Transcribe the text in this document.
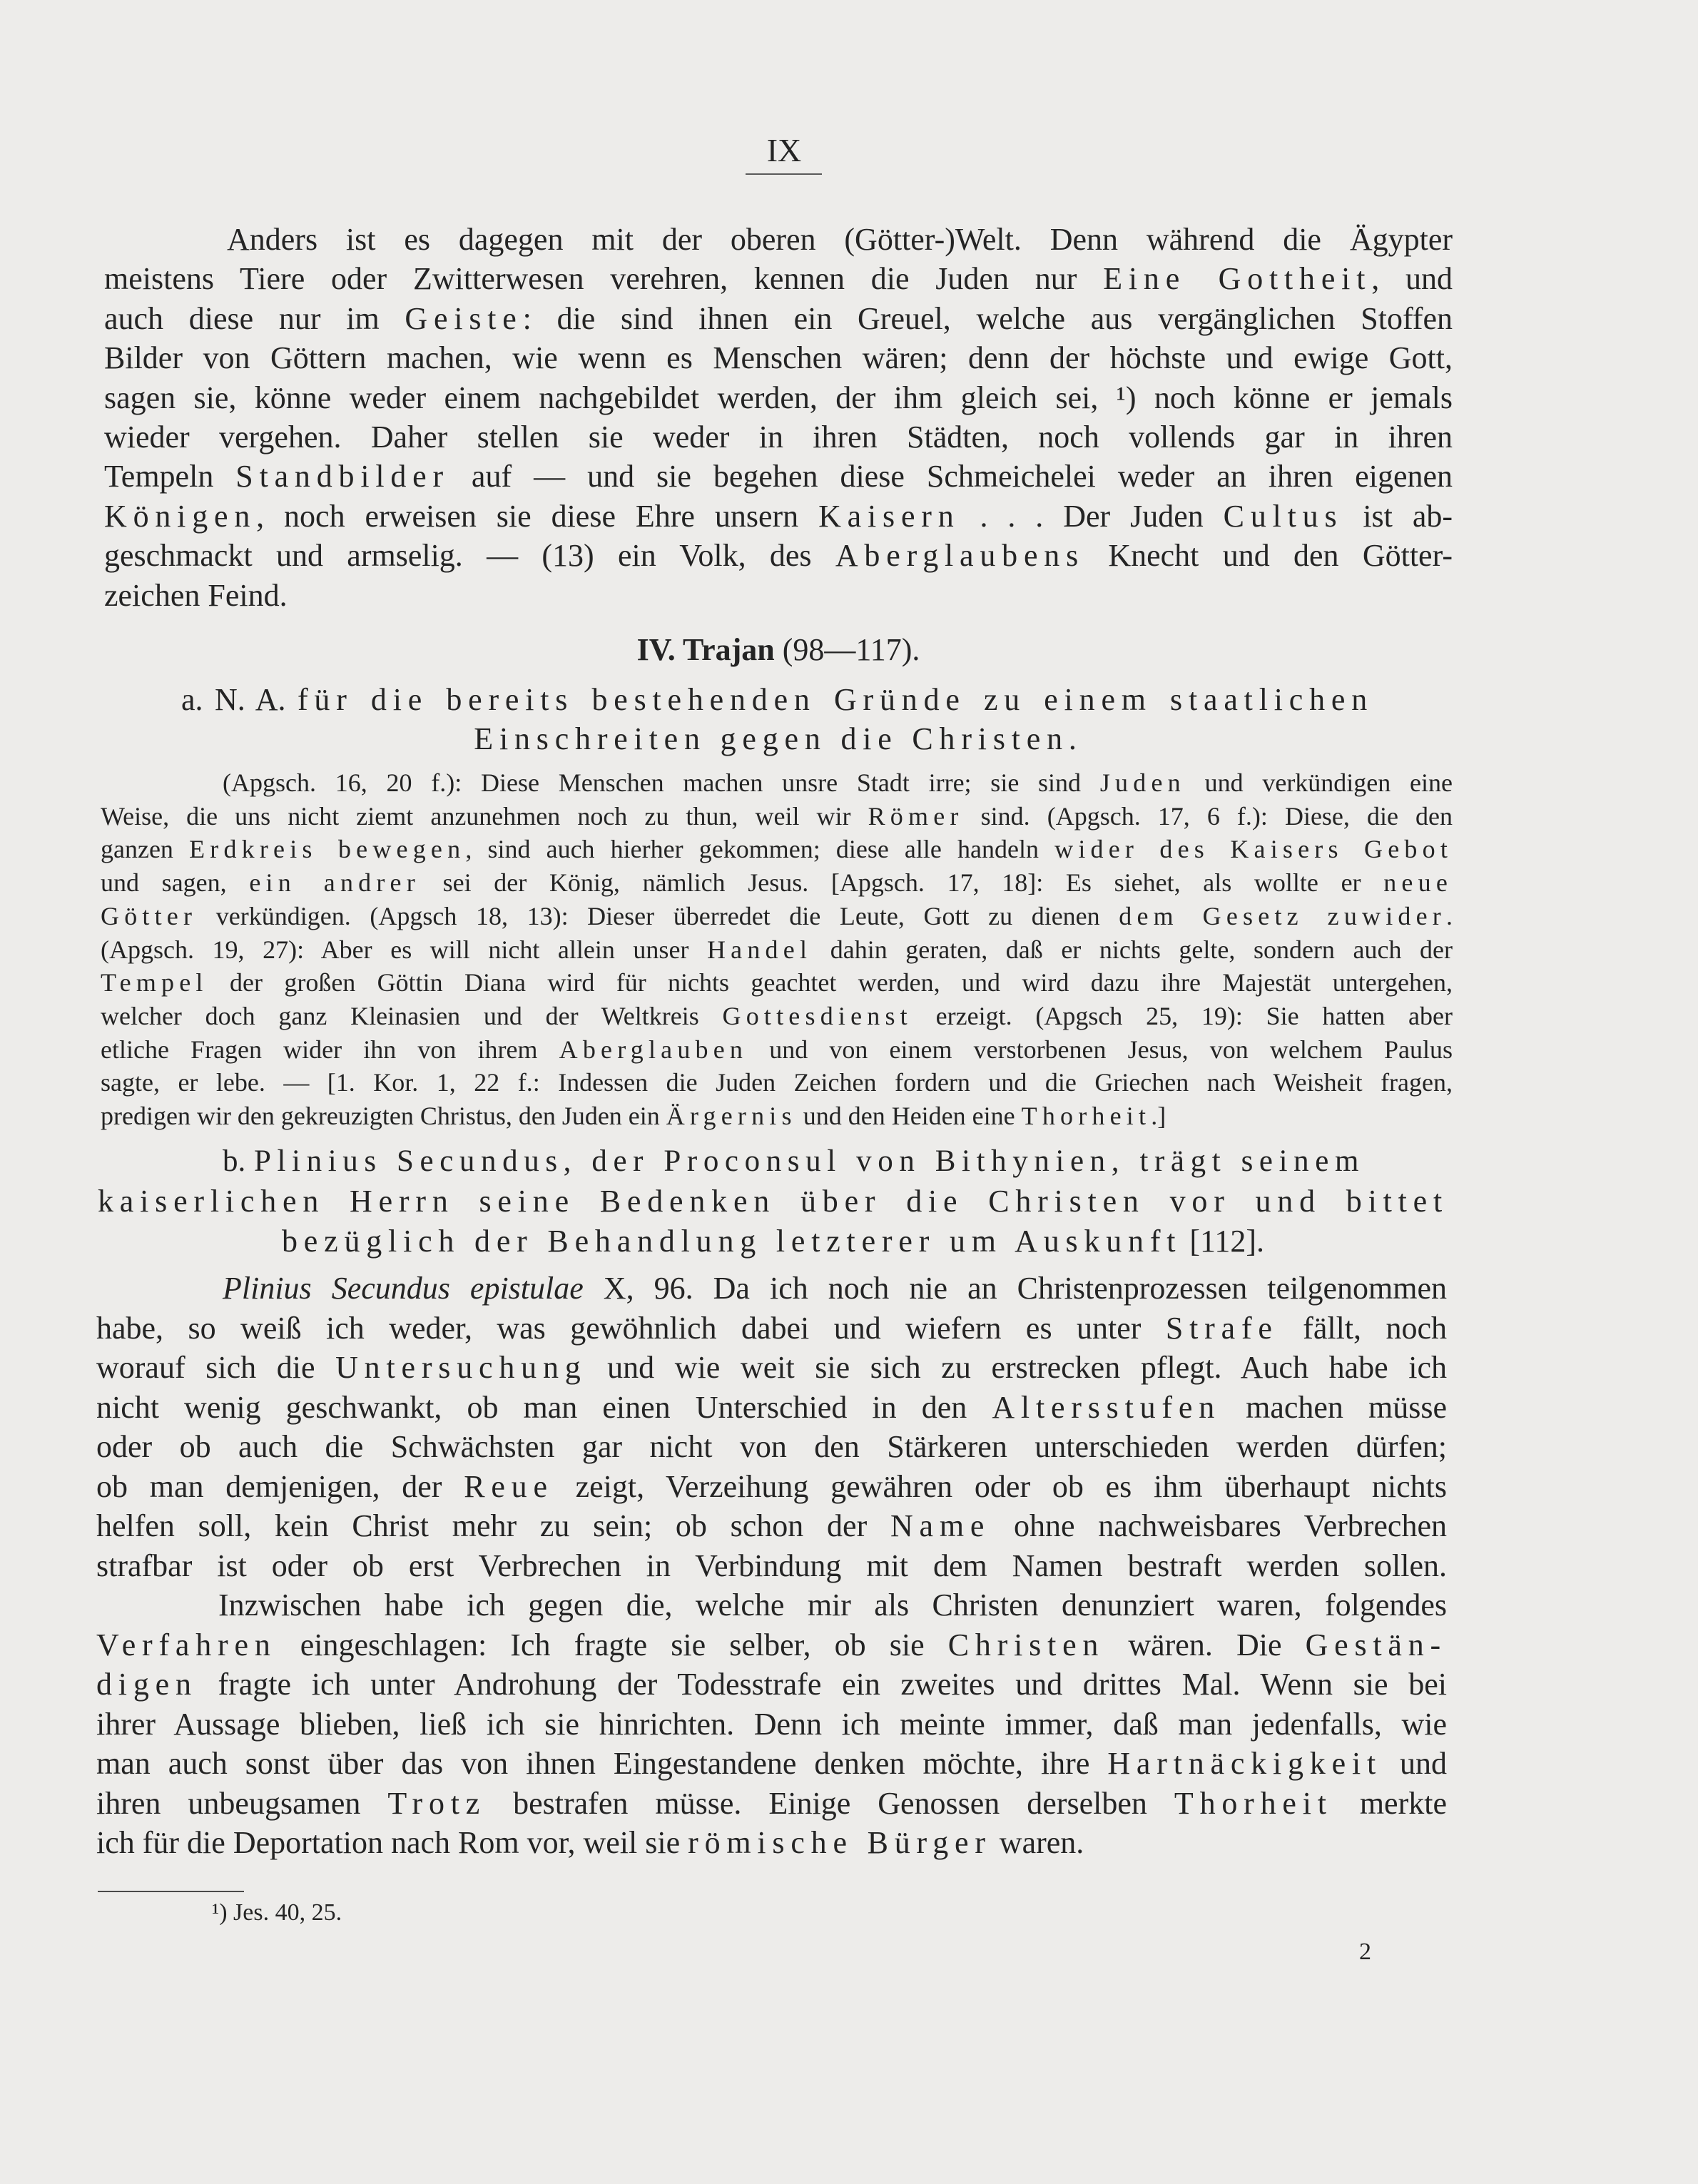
IX
Anders ist es dagegen mit der oberen (Götter-)Welt. Denn während die Ägypter
meistens Tiere oder Zwitterwesen verehren, kennen die Juden nur Eine Gottheit, und
auch diese nur im Geiste: die sind ihnen ein Greuel, welche aus vergänglichen Stoffen
Bilder von Göttern machen, wie wenn es Menschen wären; denn der höchste und ewige Gott,
sagen sie, könne weder einem nachgebildet werden, der ihm gleich sei, ¹) noch könne er jemals
wieder vergehen. Daher stellen sie weder in ihren Städten, noch vollends gar in ihren
Tempeln Standbilder auf — und sie begehen diese Schmeichelei weder an ihren eigenen
Königen, noch erweisen sie diese Ehre unsern Kaisern . . . Der Juden Cultus ist ab-
geschmackt und armselig. — (13) ein Volk, des Aberglaubens Knecht und den Götter-
zeichen Feind.
IV. Trajan (98—117).
a. N. A. für die bereits bestehenden Gründe zu einem staatlichen
Einschreiten gegen die Christen.
(Apgsch. 16, 20 f.): Diese Menschen machen unsre Stadt irre; sie sind Juden und verkündigen eine
Weise, die uns nicht ziemt anzunehmen noch zu thun, weil wir Römer sind. (Apgsch. 17, 6 f.): Diese, die den
ganzen Erdkreis bewegen, sind auch hierher gekommen; diese alle handeln wider des Kaisers Gebot
und sagen, ein andrer sei der König, nämlich Jesus. [Apgsch. 17, 18]: Es siehet, als wollte er neue
Götter verkündigen. (Apgsch 18, 13): Dieser überredet die Leute, Gott zu dienen dem Gesetz zuwider.
(Apgsch. 19, 27): Aber es will nicht allein unser Handel dahin geraten, daß er nichts gelte, sondern auch der
Tempel der großen Göttin Diana wird für nichts geachtet werden, und wird dazu ihre Majestät untergehen,
welcher doch ganz Kleinasien und der Weltkreis Gottesdienst erzeigt. (Apgsch 25, 19): Sie hatten aber
etliche Fragen wider ihn von ihrem Aberglauben und von einem verstorbenen Jesus, von welchem Paulus
sagte, er lebe. — [1. Kor. 1, 22 f.: Indessen die Juden Zeichen fordern und die Griechen nach Weisheit fragen,
predigen wir den gekreuzigten Christus, den Juden ein Ärgernis und den Heiden eine Thorheit.]
b. Plinius Secundus, der Proconsul von Bithynien, trägt seinem
kaiserlichen Herrn seine Bedenken über die Christen vor und bittet
bezüglich der Behandlung letzterer um Auskunft [112].
Plinius Secundus epistulae X, 96. Da ich noch nie an Christenprozessen teilgenommen
habe, so weiß ich weder, was gewöhnlich dabei und wiefern es unter Strafe fällt, noch
worauf sich die Untersuchung und wie weit sie sich zu erstrecken pflegt. Auch habe ich
nicht wenig geschwankt, ob man einen Unterschied in den Altersstufen machen müsse
oder ob auch die Schwächsten gar nicht von den Stärkeren unterschieden werden dürfen;
ob man demjenigen, der Reue zeigt, Verzeihung gewähren oder ob es ihm überhaupt nichts
helfen soll, kein Christ mehr zu sein; ob schon der Name ohne nachweisbares Verbrechen
strafbar ist oder ob erst Verbrechen in Verbindung mit dem Namen bestraft werden sollen.
Inzwischen habe ich gegen die, welche mir als Christen denunziert waren, folgendes
Verfahren eingeschlagen: Ich fragte sie selber, ob sie Christen wären. Die Gestän-
digen fragte ich unter Androhung der Todesstrafe ein zweites und drittes Mal. Wenn sie bei
ihrer Aussage blieben, ließ ich sie hinrichten. Denn ich meinte immer, daß man jedenfalls, wie
man auch sonst über das von ihnen Eingestandene denken möchte, ihre Hartnäckigkeit und
ihren unbeugsamen Trotz bestrafen müsse. Einige Genossen derselben Thorheit merkte
ich für die Deportation nach Rom vor, weil sie römische Bürger waren.
¹) Jes. 40, 25.
2
